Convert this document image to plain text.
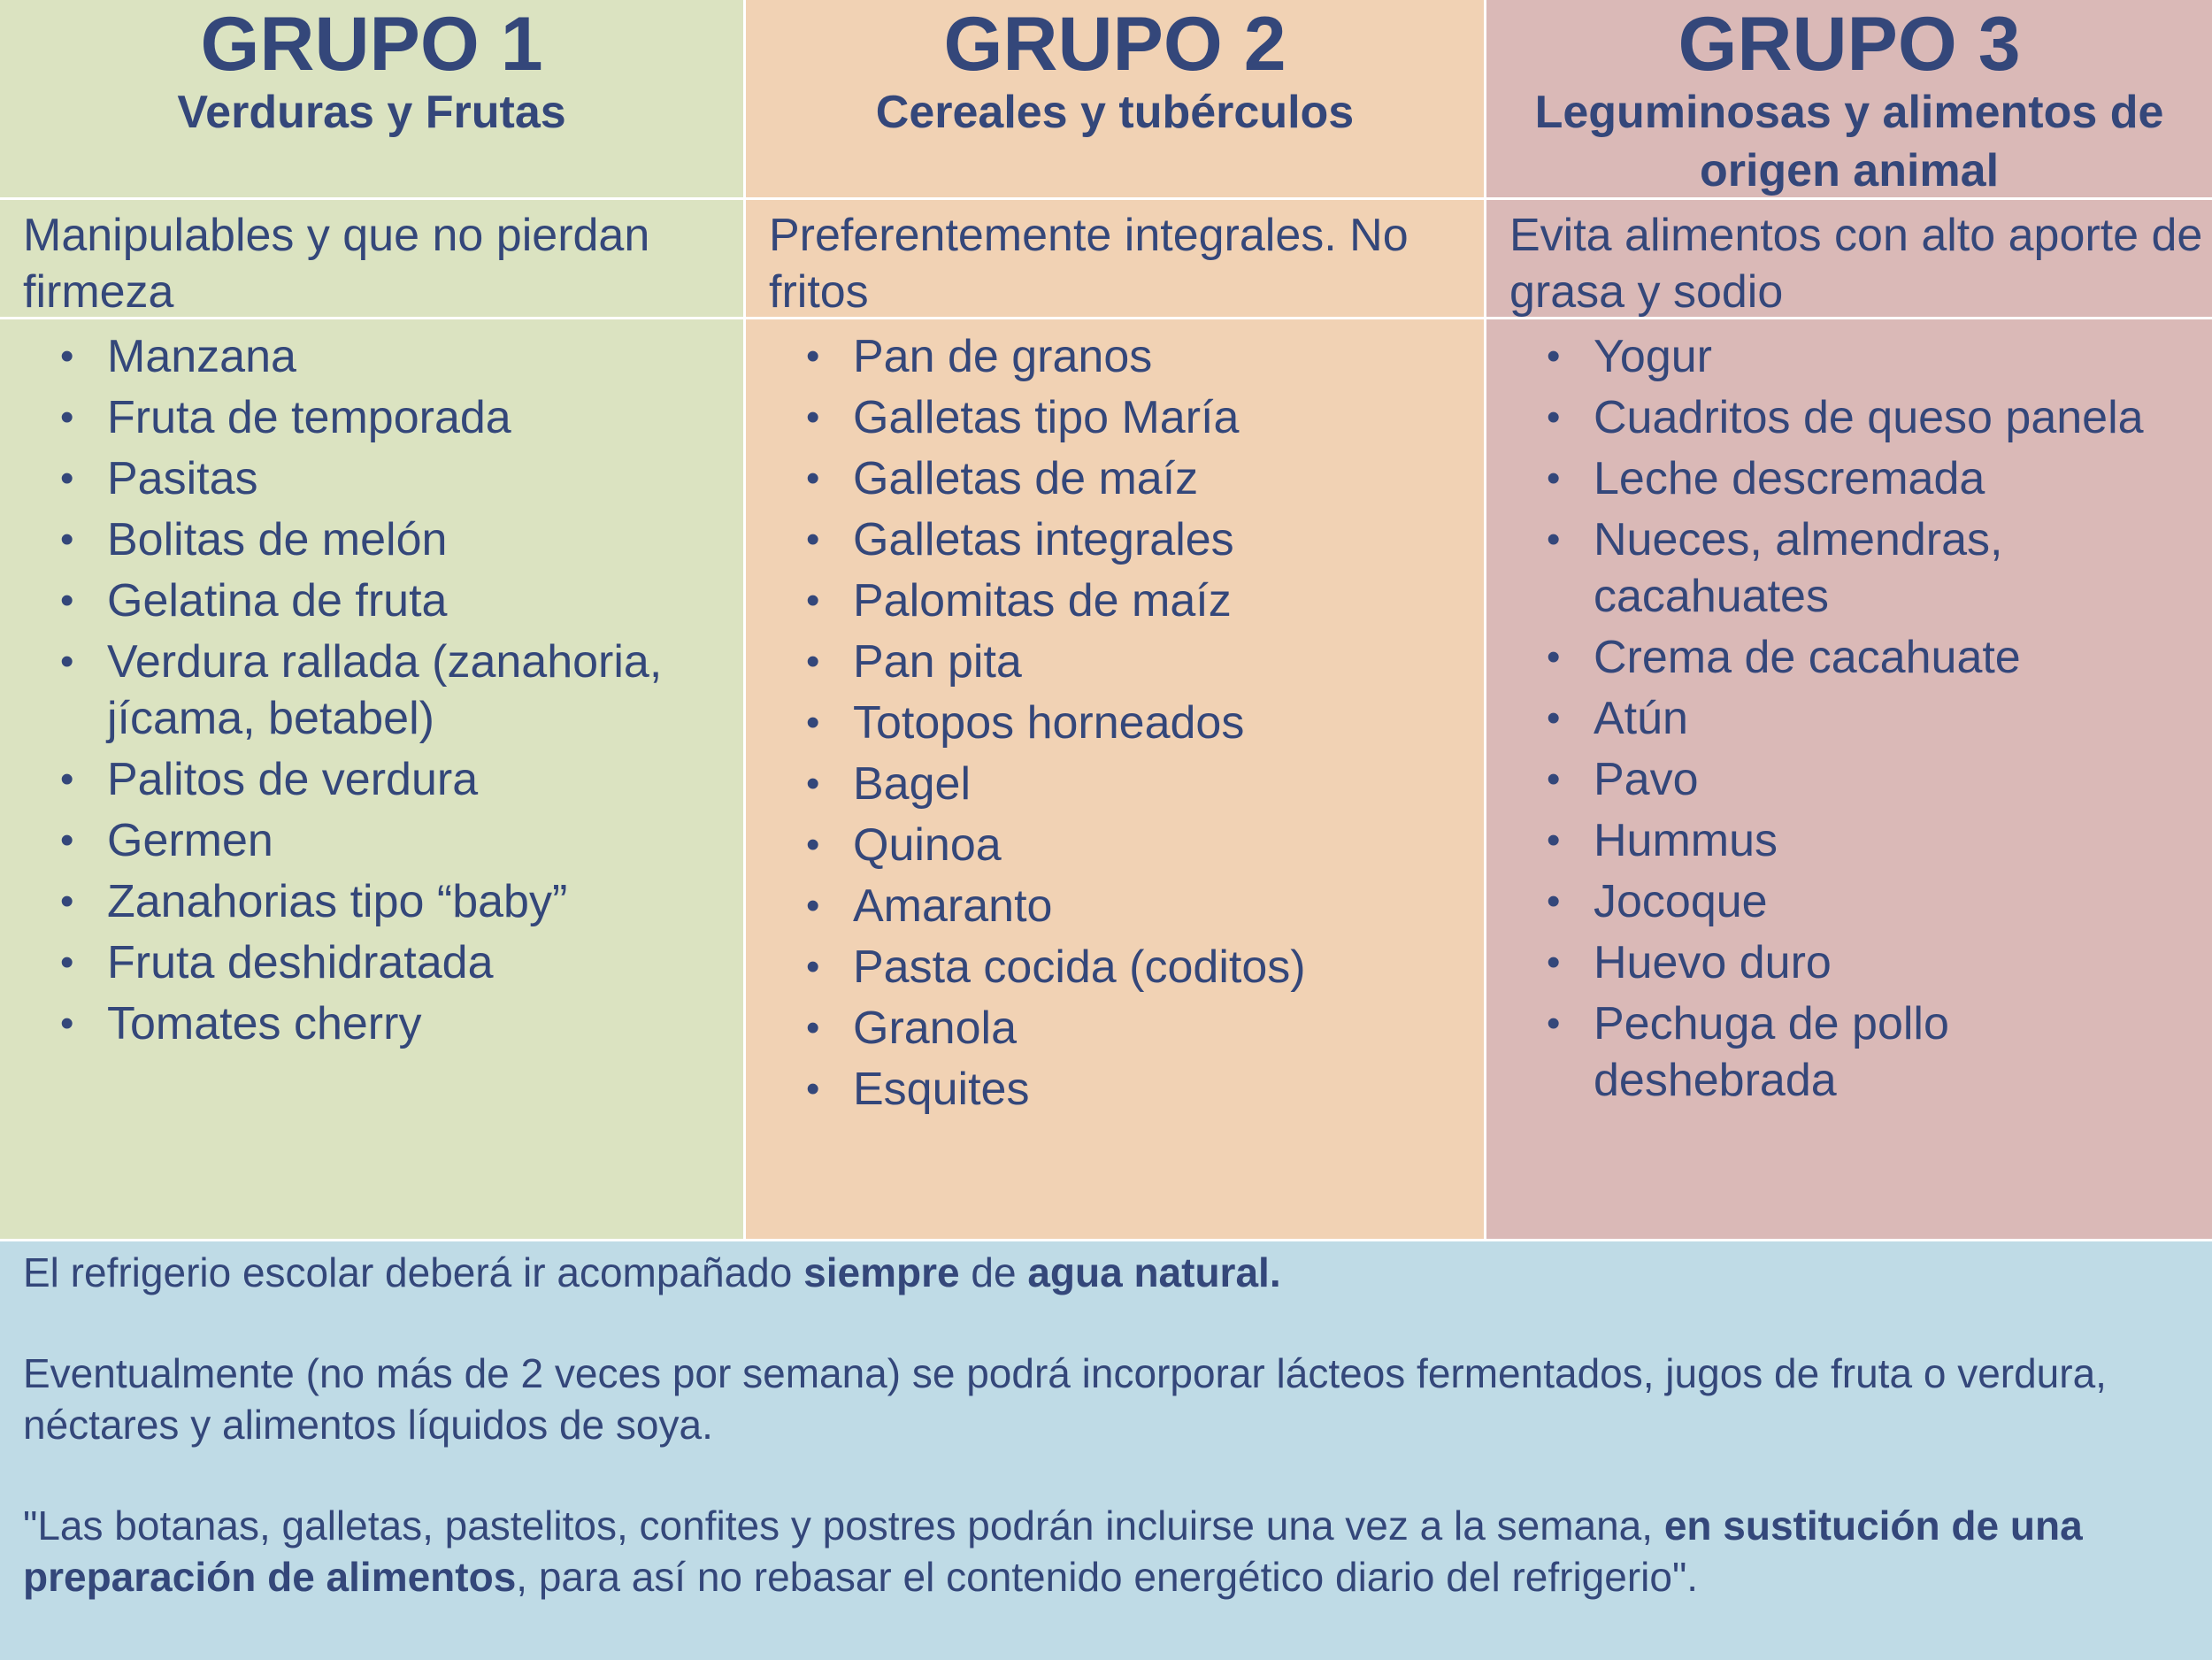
GRUPO 1
Verduras y Frutas
Manipulables y que no pierdan firmeza
• Manzana
• Fruta de temporada
• Pasitas
• Bolitas de melón
• Gelatina de fruta
• Verdura rallada (zanahoria, jícama, betabel)
• Palitos de verdura
• Germen
• Zanahorias tipo “baby”
• Fruta deshidratada
• Tomates cherry
GRUPO 2
Cereales y tubérculos
Preferentemente integrales. No fritos
• Pan de granos
• Galletas tipo María
• Galletas de maíz
• Galletas integrales
• Palomitas de maíz
• Pan pita
• Totopos horneados
• Bagel
• Quinoa
• Amaranto
• Pasta cocida (coditos)
• Granola
• Esquites
GRUPO 3
Leguminosas y alimentos de origen animal
Evita alimentos con alto aporte de grasa y sodio
• Yogur
• Cuadritos de queso panela
• Leche descremada
• Nueces, almendras, cacahuates
• Crema de cacahuate
• Atún
• Pavo
• Hummus
• Jocoque
• Huevo duro
• Pechuga de pollo deshebrada

El refrigerio escolar deberá ir acompañado siempre de agua natural.

Eventualmente (no más de 2 veces por semana) se podrá incorporar lácteos fermentados, jugos de fruta o verdura, néctares y alimentos líquidos de soya.

"Las botanas, galletas, pastelitos, confites y postres podrán incluirse una vez a la semana, en sustitución de una preparación de alimentos, para así no rebasar el contenido energético diario del refrigerio".
